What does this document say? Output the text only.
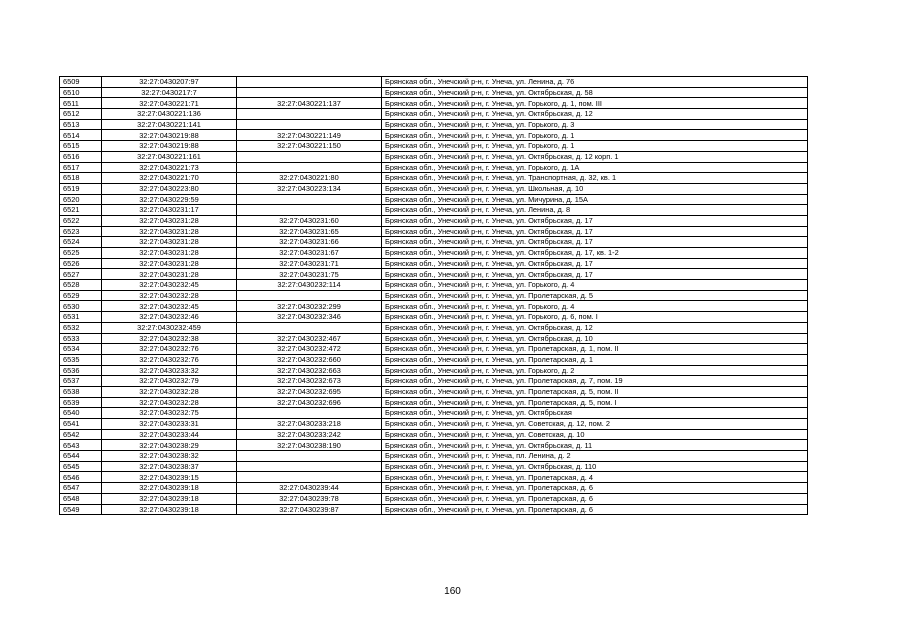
6509	32:27:0430207:97		Брянская обл., Унечский р-н, г. Унеча, ул. Ленина, д. 76
6510	32:27:0430217:7		Брянская обл., Унечский р-н, г. Унеча, ул. Октябрьская, д. 58
6511	32:27:0430221:71	32:27:0430221:137	Брянская обл., Унечский р-н, г. Унеча, ул. Горького, д. 1, пом. III
6512	32:27:0430221:136		Брянская обл., Унечский р-н, г. Унеча, ул. Октябрьская, д. 12
6513	32:27:0430221:141		Брянская обл., Унечский р-н, г. Унеча, ул. Горького, д. 3
6514	32:27:0430219:88	32:27:0430221:149	Брянская обл., Унечский р-н, г. Унеча, ул. Горького, д. 1
6515	32:27:0430219:88	32:27:0430221:150	Брянская обл., Унечский р-н, г. Унеча, ул. Горького, д. 1
6516	32:27:0430221:161		Брянская обл., Унечский р-н, г. Унеча, ул. Октябрьская, д. 12 корп. 1
6517	32:27:0430221:73		Брянская обл., Унечский р-н, г. Унеча, ул. Горького, д. 1А
6518	32:27:0430221:70	32:27:0430221:80	Брянская обл., Унечский р-н, г. Унеча, ул. Транспортная, д. 32, кв. 1
6519	32:27:0430223:80	32:27:0430223:134	Брянская обл., Унечский р-н, г. Унеча, ул. Школьная, д. 10
6520	32:27:0430229:59		Брянская обл., Унечский р-н, г. Унеча, ул. Мичурина, д. 15А
6521	32:27:0430231:17		Брянская обл., Унечский р-н, г. Унеча, ул. Ленина, д. 8
6522	32:27:0430231:28	32:27:0430231:60	Брянская обл., Унечский р-н, г. Унеча, ул. Октябрьская, д. 17
6523	32:27:0430231:28	32:27:0430231:65	Брянская обл., Унечский р-н, г. Унеча, ул. Октябрьская, д. 17
6524	32:27:0430231:28	32:27:0430231:66	Брянская обл., Унечский р-н, г. Унеча, ул. Октябрьская, д. 17
6525	32:27:0430231:28	32:27:0430231:67	Брянская обл., Унечский р-н, г. Унеча, ул. Октябрьская, д. 17, кв. 1-2
6526	32:27:0430231:28	32:27:0430231:71	Брянская обл., Унечский р-н, г. Унеча, ул. Октябрьская, д. 17
6527	32:27:0430231:28	32:27:0430231:75	Брянская обл., Унечский р-н, г. Унеча, ул. Октябрьская, д. 17
6528	32:27:0430232:45	32:27:0430232:114	Брянская обл., Унечский р-н, г. Унеча, ул. Горького, д. 4
6529	32:27:0430232:28		Брянская обл., Унечский р-н, г. Унеча, ул. Пролетарская, д. 5
6530	32:27:0430232:45	32:27:0430232:299	Брянская обл., Унечский р-н, г. Унеча, ул. Горького, д. 4
6531	32:27:0430232:46	32:27:0430232:346	Брянская обл., Унечский р-н, г. Унеча, ул. Горького, д. 6, пом. I
6532	32:27:0430232:459		Брянская обл., Унечский р-н, г. Унеча, ул. Октябрьская, д. 12
6533	32:27:0430232:38	32:27:0430232:467	Брянская обл., Унечский р-н, г. Унеча, ул. Октябрьская, д. 10
6534	32:27:0430232:76	32:27:0430232:472	Брянская обл., Унечский р-н, г. Унеча, ул. Пролетарская, д. 1, пом. II
6535	32:27:0430232:76	32:27:0430232:660	Брянская обл., Унечский р-н, г. Унеча, ул. Пролетарская, д. 1
6536	32:27:0430233:32	32:27:0430232:663	Брянская обл., Унечский р-н, г. Унеча, ул. Горького, д. 2
6537	32:27:0430232:79	32:27:0430232:673	Брянская обл., Унечский р-н, г. Унеча, ул. Пролетарская, д. 7, пом. 19
6538	32:27:0430232:28	32:27:0430232:695	Брянская обл., Унечский р-н, г. Унеча, ул. Пролетарская, д. 5, пом. II
6539	32:27:0430232:28	32:27:0430232:696	Брянская обл., Унечский р-н, г. Унеча, ул. Пролетарская, д. 5, пом. I
6540	32:27:0430232:75		Брянская обл., Унечский р-н, г. Унеча, ул. Октябрьская
6541	32:27:0430233:31	32:27:0430233:218	Брянская обл., Унечский р-н, г. Унеча, ул. Советская, д. 12, пом. 2
6542	32:27:0430233:44	32:27:0430233:242	Брянская обл., Унечский р-н, г. Унеча, ул. Советская, д. 10
6543	32:27:0430238:29	32:27:0430238:190	Брянская обл., Унечский р-н, г. Унеча, ул. Октябрьская, д. 11
6544	32:27:0430238:32		Брянская обл., Унечский р-н, г. Унеча, пл. Ленина, д. 2
6545	32:27:0430238:37		Брянская обл., Унечский р-н, г. Унеча, ул. Октябрьская, д. 110
6546	32:27:0430239:15		Брянская обл., Унечский р-н, г. Унеча, ул. Пролетарская, д. 4
6547	32:27:0430239:18	32:27:0430239:44	Брянская обл., Унечский р-н, г. Унеча, ул. Пролетарская, д. 6
6548	32:27:0430239:18	32:27:0430239:78	Брянская обл., Унечский р-н, г. Унеча, ул. Пролетарская, д. 6
6549	32:27:0430239:18	32:27:0430239:87	Брянская обл., Унечский р-н, г. Унеча, ул. Пролетарская, д. 6
160
